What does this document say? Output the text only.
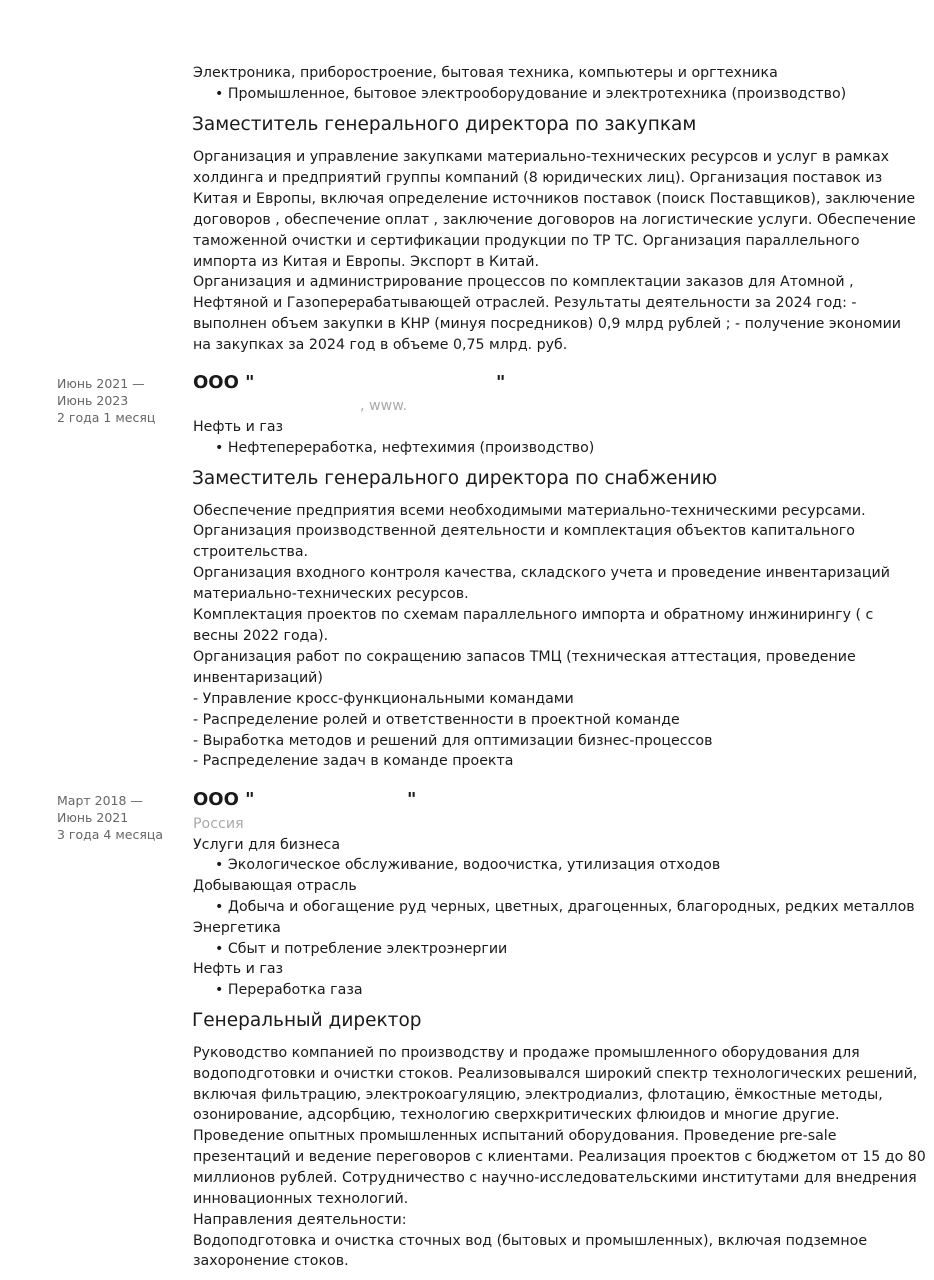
Электроника, приборостроение, бытовая техника, компьютеры и оргтехника
• Промышленное, бытовое электрооборудование и электротехника (производство)
Заместитель генерального директора по закупкам
Организация и управление закупками материально-технических ресурсов и услуг в рамках
холдинга и предприятий группы компаний (8 юридических лиц). Организация поставок из
Китая и Европы, включая определение источников поставок (поиск Поставщиков), заключение
договоров , обеспечение оплат , заключение договоров на логистические услуги. Обеспечение
таможенной очистки и сертификации продукции по ТР ТС. Организация параллельного
импорта из Китая и Европы. Экспорт в Китай.
Организация и администрирование процессов по комплектации заказов для Атомной ,
Нефтяной и Газоперерабатывающей отраслей. Результаты деятельности за 2024 год: -
выполнен объем закупки в КНР (минуя посредников) 0,9 млрд рублей ; - получение экономии
на закупках за 2024 год в объеме 0,75 млрд. руб.
Июнь 2021 —
Июнь 2023
2 года 1 месяц
ООО "	"
, www.
Нефть и газ
• Нефтепереработка, нефтехимия (производство)
Заместитель генерального директора по снабжению
Обеспечение предприятия всеми необходимыми материально-техническими ресурсами.
Организация производственной деятельности и комплектация объектов капитального
строительства.
Организация входного контроля качества, складского учета и проведение инвентаризаций
материально-технических ресурсов.
Комплектация проектов по схемам параллельного импорта и обратному инжинирингу ( с
весны 2022 года).
Организация работ по сокращению запасов ТМЦ (техническая аттестация, проведение
инвентаризаций)
- Управление кросс-функциональными командами
- Распределение ролей и ответственности в проектной команде
- Выработка методов и решений для оптимизации бизнес-процессов
- Распределение задач в команде проекта
Март 2018 —
Июнь 2021
3 года 4 месяца
ООО "	"
Россия
Услуги для бизнеса
• Экологическое обслуживание, водоочистка, утилизация отходов
Добывающая отрасль
• Добыча и обогащение руд черных, цветных, драгоценных, благородных, редких металлов
Энергетика
• Сбыт и потребление электроэнергии
Нефть и газ
• Переработка газа
Генеральный директор
Руководство компанией по производству и продаже промышленного оборудования для
водоподготовки и очистки стоков. Реализовывался широкий спектр технологических решений,
включая фильтрацию, электрокоагуляцию, электродиализ, флотацию, ёмкостные методы,
озонирование, адсорбцию, технологию сверхкритических флюидов и многие другие.
Проведение опытных промышленных испытаний оборудования. Проведение pre-sale
презентаций и ведение переговоров с клиентами. Реализация проектов с бюджетом от 15 до 80
миллионов рублей. Сотрудничество с научно-исследовательскими институтами для внедрения
инновационных технологий.
Направления деятельности:
Водоподготовка и очистка сточных вод (бытовых и промышленных), включая подземное
захоронение стоков.
